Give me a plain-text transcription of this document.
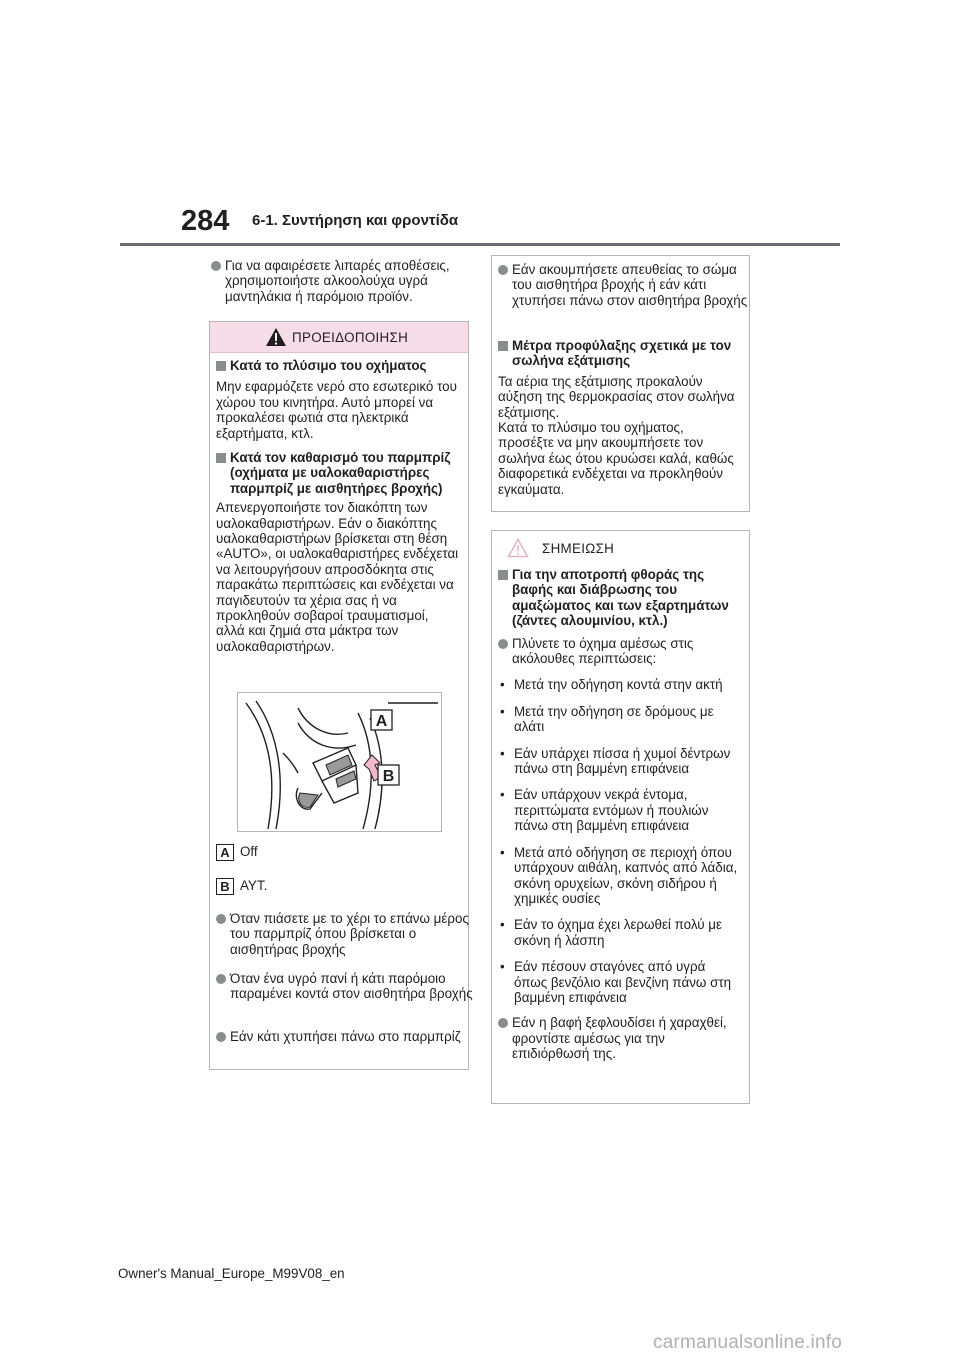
284 6-1. Συντήρηση και φροντίδα
Για να αφαιρέσετε λιπαρές αποθέσεις, χρησιμοποιήστε αλκοολούχα υγρά μαντηλάκια ή παρόμοιο προϊόν.
ΠΡΟΕΙΔΟΠΟΙΗΣΗ
Κατά το πλύσιμο του οχήματος
Μην εφαρμόζετε νερό στο εσωτερικό του χώρου του κινητήρα. Αυτό μπορεί να προκαλέσει φωτιά στα ηλεκτρικά εξαρτήματα, κτλ.
Κατά τον καθαρισμό του παρμπρίζ (οχήματα με υαλοκαθαριστήρες παρμπρίζ με αισθητήρες βροχής)
Απενεργοποιήστε τον διακόπτη των υαλοκαθαριστήρων. Εάν ο διακόπτης υαλοκαθαριστήρων βρίσκεται στη θέση «AUTO», οι υαλοκαθαριστήρες ενδέχεται να λειτουργήσουν απροσδόκητα στις παρακάτω περιπτώσεις και ενδέχεται να παγιδευτούν τα χέρια σας ή να προκληθούν σοβαροί τραυματισμοί, αλλά και ζημιά στα μάκτρα των υαλοκαθαριστήρων.
A
B
A Off
B AYT.
Όταν πιάσετε με το χέρι το επάνω μέρος του παρμπρίζ όπου βρίσκεται ο αισθητήρας βροχής
Όταν ένα υγρό πανί ή κάτι παρόμοιο παραμένει κοντά στον αισθητήρα βροχής
Εάν κάτι χτυπήσει πάνω στο παρμπρίζ
Εάν ακουμπήσετε απευθείας το σώμα του αισθητήρα βροχής ή εάν κάτι χτυπήσει πάνω στον αισθητήρα βροχής
Μέτρα προφύλαξης σχετικά με τον σωλήνα εξάτμισης
Τα αέρια της εξάτμισης προκαλούν αύξηση της θερμοκρασίας στον σωλήνα εξάτμισης.
Κατά το πλύσιμο του οχήματος, προσέξτε να μην ακουμπήσετε τον σωλήνα έως ότου κρυώσει καλά, καθώς διαφορετικά ενδέχεται να προκληθούν εγκαύματα.
ΣΗΜΕΙΩΣΗ
Για την αποτροπή φθοράς της βαφής και διάβρωσης του αμαξώματος και των εξαρτημάτων (ζάντες αλουμινίου, κτλ.)
Πλύνετε το όχημα αμέσως στις ακόλουθες περιπτώσεις:
• Μετά την οδήγηση κοντά στην ακτή
• Μετά την οδήγηση σε δρόμους με αλάτι
• Εάν υπάρχει πίσσα ή χυμοί δέντρων πάνω στη βαμμένη επιφάνεια
• Εάν υπάρχουν νεκρά έντομα, περιττώματα εντόμων ή πουλιών πάνω στη βαμμένη επιφάνεια
• Μετά από οδήγηση σε περιοχή όπου υπάρχουν αιθάλη, καπνός από λάδια, σκόνη ορυχείων, σκόνη σιδήρου ή χημικές ουσίες
• Εάν το όχημα έχει λερωθεί πολύ με σκόνη ή λάσπη
• Εάν πέσουν σταγόνες από υγρά όπως βενζόλιο και βενζίνη πάνω στη βαμμένη επιφάνεια
Εάν η βαφή ξεφλουδίσει ή χαραχθεί, φροντίστε αμέσως για την επιδιόρθωσή της.
Owner's Manual_Europe_M99V08_en
carmanualsonline.info
